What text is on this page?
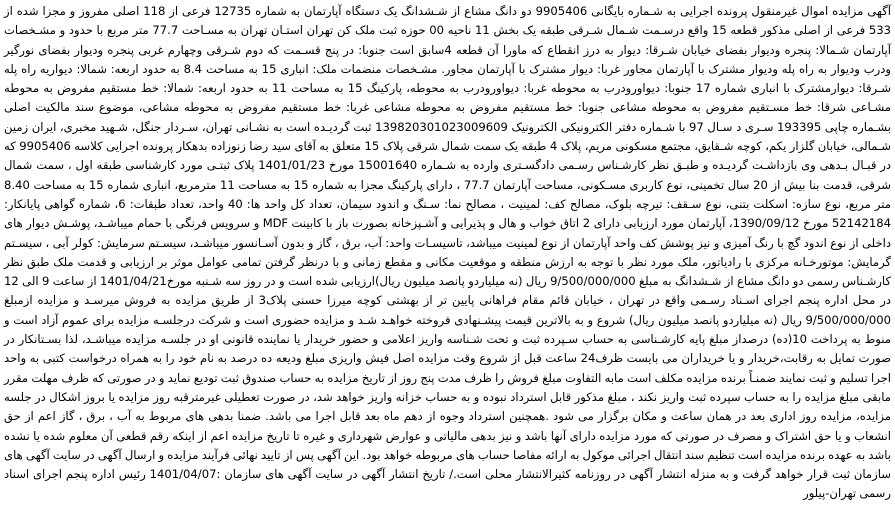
آگهی مزایده اموال غیرمنقول پرونده اجرایی به شـماره بایگانی 9905406 دو دانگ مشاع از شـشدانگ یک دستگاه آپارتمان به شماره 12735 فرعی از 118 اصلی مفروز و مجزا شده از 533 فرعی از اصلی مذکور قطعه 15 واقع درسـمت شـمال شـرقی طبقه یک بخش 11 ناحیه 00 حوزه ثبت ملک کن تهران استـان تهران به مسـاحت 77.7 متر مربع با حدود و مشـخصات آپارتمان شـمالا: پنجره ودیوار بفضای خیابان شـرقا: دیوار به درز انقطاع که ماورا آن قطعه 4سابق است جنوبا: در پنج قسـمت که دوم شـرقی وچهارم غربی پنجره ودیوار بفضای نورگیر ودرب ودیوار به راه پله ودیوار مشترک با آپارتمان مجاور غربا: دیوار مشترک با آپارتمان مجاور. مشـخصات منضمات ملک: انباری 15 به مساحت 8.4 به حدود اربعه: شمالا: دیواریه راه پله شـرقا: دیوارمشترک با انباری شماره 17 جنوبا: دیواورودرب به محوطه غربا: دیواورودرب به محوطه، پارکینگ 15 به مساحت 11 به حدود اربعه: شمالا: خط مستقیم مفروض به محوطه مشـاعی شرقا: خط مسـتقیم مفروض به محوطه مشاعی جنوبا: خط مستقیم مفروض به محوطه مشاعی غربا: خط مستقیم مفروض به محوطه مشاعی، موضوع سند مالکیت اصلی بشـماره چاپی 193395 سـری د سـال 97 با شـماره دفتر الکترونیکی الکترونیک 139820301023009609 ثبت گردیـده است به نشـانی تهران، سـردار جنگل، شـهید مخبری، ایران زمین شـمالی، خیابان گلزار یکم، کوچه شـقایق، مجتمع مسکونی مریم، پلاک 4 طبقه یک سمت شمال شرقی پلاک 15 متعلق به آقای سید رضا زنوزاده بدهکار پرونده اجرایی کلاسه 9905406 که در قبـال بـدهی وی بازداشـت گردیـده و طبـق نظر کارشـناس رسـمی دادگسـتری وارده به شـماره 15001640 مورخ 1401/01/23 پلاک ثبتـی مورد کارشناسی طبقه اول ، سمت شمال شرقی، قدمت بنا بیش از 20 سال تخمینی، نوع کاربری مسـکونی، مساحت آپارتمان 77.7 ، دارای پارکینگ مجزا به شماره 15 به مساحت 11 مترمربع، انباری شماره 15 به مساحت 8.40 متر مربع، نوع سازه: اسکلت بتنی، نوع سـقف: تیرچه بلوک، مصالح کف: لمینیت ، مصالح نما: سـنگ و اندود سیمان، تعداد کل واحد ها: 40 واحد، تعداد طبقات: 6، شماره گواهی پایانکار: 52142184 مورخ 1390/09/12، آپارتمان مورد ارزیابی دارای 2 اتاق خواب و هال و پذیرایی و آشـپزخانه بصورت باز با کابینت MDF و سرویس فرنگی با حمام میباشـد، پوشـش دیوار های داخلی از نوع اندود گچ با رنگ آمیزی و نیز پوشش کف واحد آپارتمان از نوع لمینیت میباشد، تاسیسـات واحد: آب، برق ، گاز و بدون آسـانسور میباشـد، سیسـتم سرمایش: کولر آبی ، سیسـتم گرمایش: موتورخـانه مرکزی با رادیاتور، ملک مورد نظر با توجه به ارزش منطقه و موقعیت مکانی و مقطع زمانی و با درنظر گرفتن تمامی عوامل موثر بر ارزیابی و قدمت ملک طبق نظر کارشـناس رسمی دو دانگ مشاع از شـشدانگ به مبلغ 9/500/000/000 ریال (نه میلیاردو پانصد میلیون ریال)ارزیابی شده است و در روز سه شـنبه مورخ1401/04/21 از ساعت 9 الی 12 در محل اداره پنجم اجرای اسـناد رسـمی واقع در تهران ، خیابان قائم مقام فراهانی پایین تر از بهشتی کوچه میرزا حسنی پلاک3 از طریق مزایده به فروش میرسـد و مزایده ازمبلغ 9/500/000/000 ریال (نه میلیاردو پانصد میلیون ریال) شروع و به بالاترین قیمت پیشـنهادی فروخته خواهـد شـد و مزایده حضوری است و شرکت درجلسـه مزایده برای عموم آزاد است و منوط به پرداخت 10(ده) درصداز مبلغ پایه کارشـناسی به حساب سـپرده ثبت و تحت شـناسه واریز اعلامی و حضور خریدار یا نماینده قانونی او در جلسـه مزایده میباشـد، لذا بسـتانکار در صورت تمایل به رقابت،خریدار و یا خریداران می بایست ظرف24 ساعت قبل از شروع وقت مزایده اصل فیش واریزی مبلغ ودیعه ده درصد به نام خود را به همراه درخواست کتبی به واحد اجرا تسلیم و ثبت نمایند ضمنـاً برنده مزایده مکلف است مابه التفاوت مبلغ فروش را ظرف مدت پنج روز از تاریخ مزایده به حساب صندوق ثبت تودیع نماید و در صورتی که ظرف مهلت مقرر مابقی مبلغ مزایده را به حساب سپرده ثبت واریز نکند ، مبلغ مذکور قابل استرداد نبوده و به حساب خزانه واریز خواهد شد، در صورت تعطیلی غیرمترقبه روز مزایده یا بروز اشکال در جلسه مزایده، مزایده روز اداری بعد در همان ساعت و مکان برگزار می شود .همچنین استرداد وجوه از دهم ماه بعد قابل اجرا می باشد. ضمنا بدهی های مربوط به آب ، برق ، گاز اعم از حق انشعاب و یا حق اشتراک و مصرف در صورتی که مورد مزایده دارای آنها باشد و نیز بدهی مالیاتی و عوارض شهرداری و غیره تا تاریخ مزایده اعم از اینکه رقم قطعی آن معلوم شده یا نشده باشد به عهده برنده مزایده است تنظیم سند انتقال اجرائی موکول به ارائه مفاصا حساب های مربوطه خواهد بود. این آگهی پس از تایید نهائی فرآیند مزایده و ارسال آگهی در سایت آگهی های سازمان ثبت قرار خواهد گرفت و به منزله انتشار آگهی در روزنامه کثیرالانتشار محلی است./ تاریخ انتشار آگهی در سایت آگهی های سازمان :1401/04/07 رئیس اداره پنجم اجرای اسناد رسمی تهران-پیلور
